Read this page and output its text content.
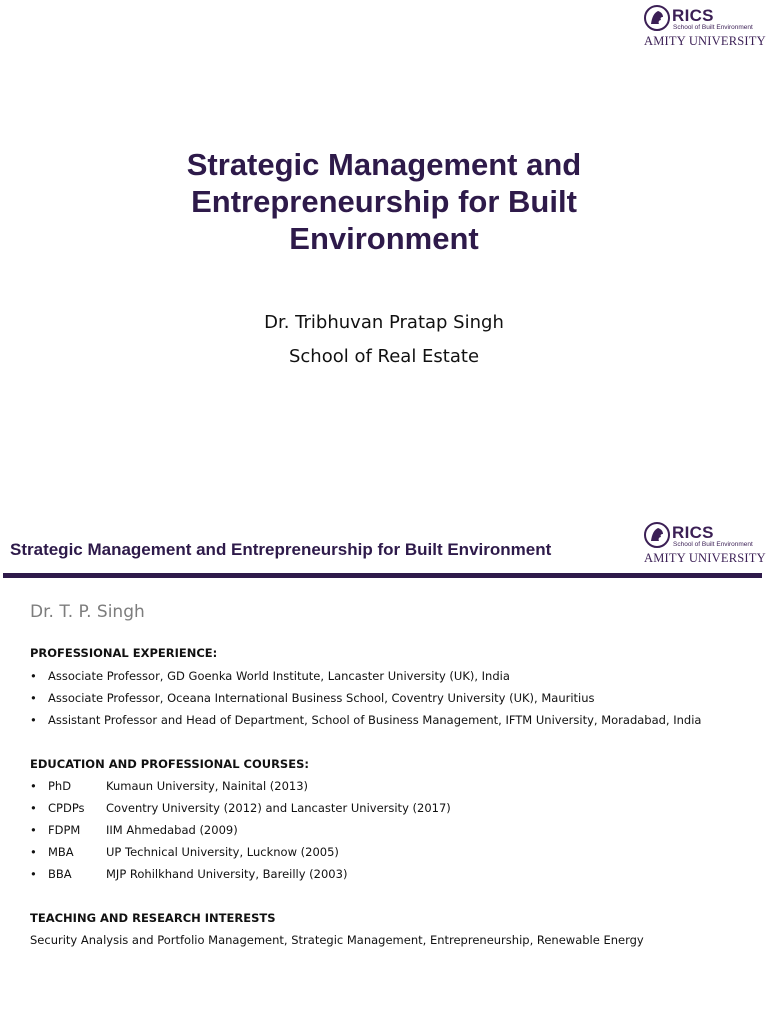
RICS
School of Built Environment
AMITY UNIVERSITY
Strategic Management and
Entrepreneurship for Built
Environment
Dr. Tribhuvan Pratap Singh
School of Real Estate
Strategic Management and Entrepreneurship for Built Environment
RICS
School of Built Environment
AMITY UNIVERSITY
Dr. T. P. Singh
PROFESSIONAL EXPERIENCE:
• Associate Professor, GD Goenka World Institute, Lancaster University (UK), India
• Associate Professor, Oceana International Business School, Coventry University (UK), Mauritius
• Assistant Professor and Head of Department, School of Business Management, IFTM University, Moradabad, India
EDUCATION AND PROFESSIONAL COURSES:
• PhD	Kumaun University, Nainital (2013)
• CPDPs Coventry University (2012) and Lancaster University (2017)
• FDPM IIM Ahmedabad (2009)
• MBA	UP Technical University, Lucknow (2005)
• BBA	MJP Rohilkhand University, Bareilly (2003)
TEACHING AND RESEARCH INTERESTS
Security Analysis and Portfolio Management, Strategic Management, Entrepreneurship, Renewable Energy
